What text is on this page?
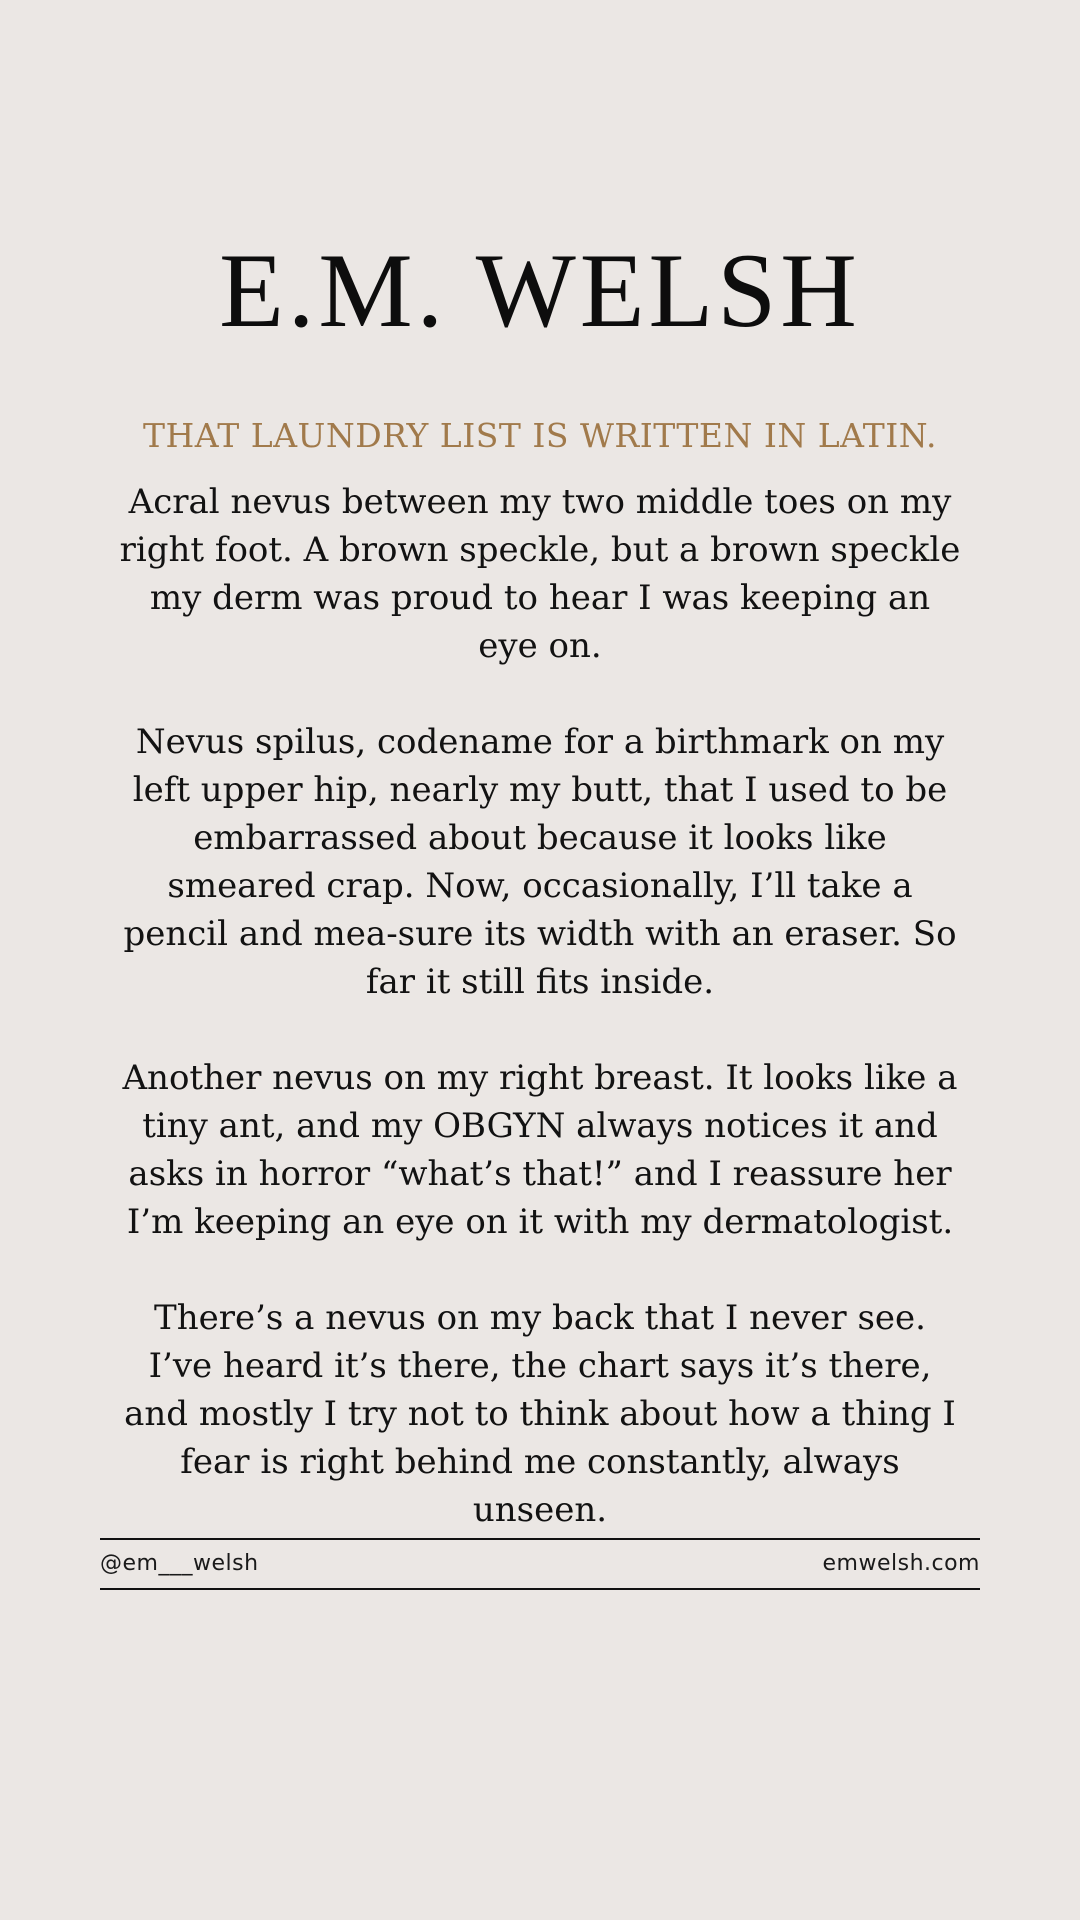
E.M. WELSH
THAT LAUNDRY LIST IS WRITTEN IN LATIN.

Acral nevus between my two middle toes on my right foot. A brown speckle, but a brown speckle my derm was proud to hear I was keeping an eye on.

Nevus spilus, codename for a birthmark on my left upper hip, nearly my butt, that I used to be embarrassed about because it looks like smeared crap. Now, occasionally, I’ll take a pencil and mea-sure its width with an eraser. So far it still fits inside.

Another nevus on my right breast. It looks like a tiny ant, and my OBGYN always notices it and asks in horror “what’s that!” and I reassure her I’m keeping an eye on it with my dermatologist.

There’s a nevus on my back that I never see. I’ve heard it’s there, the chart says it’s there, and mostly I try not to think about how a thing I fear is right behind me constantly, always unseen.

@em___welsh	emwelsh.com
